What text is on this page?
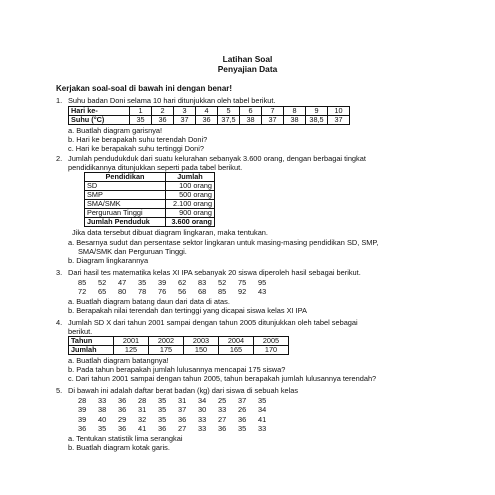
Latihan Soal
Penyajian Data
Kerjakan soal-soal di bawah ini dengan benar!
1. Suhu badan Doni selama 10 hari ditunjukkan oleh tabel berikut.
Hari ke-	1	2	3	4	5	6	7	8	9	10
Suhu (°C)	35	36	37	36	37,5	38	37	38	38,5	37
a. Buatlah diagram garisnya!
b. Hari ke berapakah suhu terendah Doni?
c. Hari ke berapakah suhu tertinggi Doni?
2. Jumlah pendudukduk dari suatu kelurahan sebanyak 3.600 orang, dengan berbagai tingkat
pendidikannya ditunjukkan seperti pada tabel berikut.
Pendidikan	Jumlah
SD	100 orang
SMP	500 orang
SMA/SMK	2.100 orang
Perguruan Tinggi	900 orang
Jumlah Penduduk	3.600 orang
Jika data tersebut dibuat diagram lingkaran, maka tentukan.
a. Besarnya sudut dan persentase sektor lingkaran untuk masing-masing pendidikan SD, SMP,
SMA/SMK dan Perguruan Tinggi.
b. Diagram lingkarannya
3. Dari hasil tes matematika kelas XI IPA sebanyak 20 siswa diperoleh hasil sebagai berikut.
85 52 47 35 39 62 83 52 75 95
72 65 80 78 76 56 68 85 92 43
a. Buatlah diagram batang daun dari data di atas.
b. Berapakah nilai terendah dan tertinggi yang dicapai siswa kelas XI IPA
4. Jumlah SD X dari tahun 2001 sampai dengan tahun 2005 ditunjukkan oleh tabel sebagai
berikut.
Tahun	2001	2002	2003	2004	2005
Jumlah	125	175	150	165	170
a. Buatlah diagram batangnya!
b. Pada tahun berapakah jumlah lulusannya mencapai 175 siswa?
c. Dari tahun 2001 sampai dengan tahun 2005, tahun berapakah jumlah lulusannya terendah?
5. Di bawah ini adalah daftar berat badan (kg) dari siswa di sebuah kelas
28 33 36 28 35 31 34 25 37 35
39 38 36 31 35 37 30 33 26 34
39 40 29 32 35 36 33 27 36 41
36 35 36 41 36 27 33 36 35 33
a. Tentukan statistik lima serangkai
b. Buatlah diagram kotak garis.
